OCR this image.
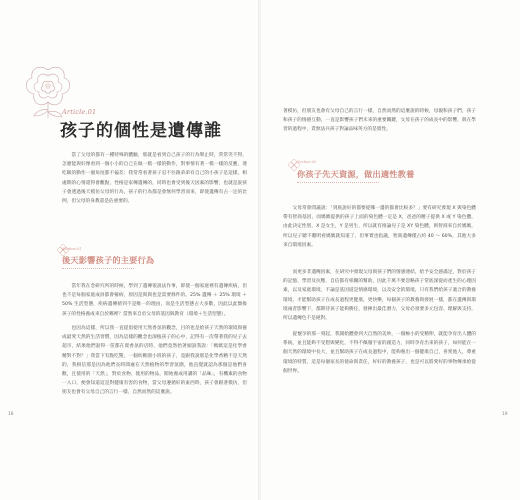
Article.01
孩子的個性是遺傳誰

當了父母的都有一種特殊的體驗，那就是看到自己孩子的行為舉止時，常常笑不得，怎麼能與好像看到一個小小的自己在做一模一樣的動作，對事情有著一模一樣的反應，連吃飯的動作一個角度都不偏差；我常常看著孩子忍不住跟弟弟有自己的小孩子是這樣，相處期的心情還得會觀點，性格是家傳遺傳的，同時也會受到後天因素的影響，也就是說孩子會透過後天模仿父母的行為，孩子的行為都是會無何學習而來，即使遺傳有占一定的比例，但父母的身教還是佔重要的。

Section.01
後天影響孩子的主要行為

當年我在念研究所的時候，學到了遺傳很說法作事，即使一個家庭裡有遺傳疾病，但也不是每個家庭成員都會罹病，原因是與與也是需要條件的。25% 遺傳 ＋ 25% 環境 ＋ 50% 生活型態，疾病遺傳猜到不是唯一的理由，而是生活型態占大多數，因此以此類推孩子的性格養成來自於哪裡？當然來自於父母的基因與教育（環境＋生活型態）。

也因為這樣，所以我一直提倡使用天然香氛的觀念，目的也是給孩子天然的環境與養成最愛天然的生活習慣，因為這樣的觀念也深植孩子的心中，記得有一次帶著我的兒子去超市，結果他們說得一筐都在賣香氛的店時，他們竟然抬著頭說我說：「媽媽這是化學香精對不對？」我當下有點吃驚，一個幼稚園小班的孩子，竟跟我說那是化學香精不是天然的，我相信那是因為他們長時間處在天然植物的學習氛圍，他直覺就認為那個是他們喜歡，且使用的「天然」，對於食物、使用的物品，開始養成用講的「品味」，有機素的食物一入口，便會知道這是對健康有害的食物，當父母遵循好的東西時，孩子會跟著模仿，但朋友也會有父母自己的言行一樣，自然而然的這麼說。

18

著模仿，但朋友也會有父母自己的言行一樣，自然而然的這麼說的時候，母親和孩子們，孩子和孩子的情感互動，一直是影響孩子們未來的重要關鍵，父母在孩子的成長中的影響，與在學習的過程中，責無法兵孩子對論品味英方的是賣性。

Section.02
你孩子先天資源，做出適性教養

父母常會問議說：「到底說好的都要從哪一邊的都會比較多？」要有研究發現 X 與染色體帶有智商基因，而媽媽提供的孩子上面的染色體一定是 X，爸爸的精子提供 X 或 Y 染色體，由此決定性別，X 是女生，Y 是男生，所以就有推論兒子是 XY 染色體，則智商來自於媽媽，所以兒子聰不聰明看媽媽就知道了，但事實也指議，智商遺傳僅占約 40 ～ 60%，其他大多來自環境因素。

而更多非遺傳因素，在研究中發現父母與孩子們的情感連結，給予安全感滿足，對於孩子的記憶、學習及抗壓、自信都有相關的幫助，因此千萬不要忽略孩子常底深從而產生的心理因素，以及家庭環境，不論是基因道是情感環境，以及安全的環境，只有我們給孩子適合的教養環境，才能幫助孩子在成長過程更健康，更快樂，每個孩子的教養與發展一樣，都在遺傳與環境兩者影響下，都期待孩子能夠勝任，發揮出最佳潛力，父母必須要多元包容、理解與支持，所以遺傳色不是絕對。

從懷孕的那一刻起，我開始體會到大自然的美妙，一個極小的受精卵，就能孕育出人體的系統，並且能夠不受想與變化，不得不佩服宇宙的創造力，同時孕育出來的孩子，如何能在一個天然的環境中長大，並且幫助孩子在成長過程中，能夠養出一個健康自己，喜愛他人，尊重環境的特質，這是每個家長的使命與責任，好好的教養孩子，也是可以將愛好的事物傳承給從個世界。

19
